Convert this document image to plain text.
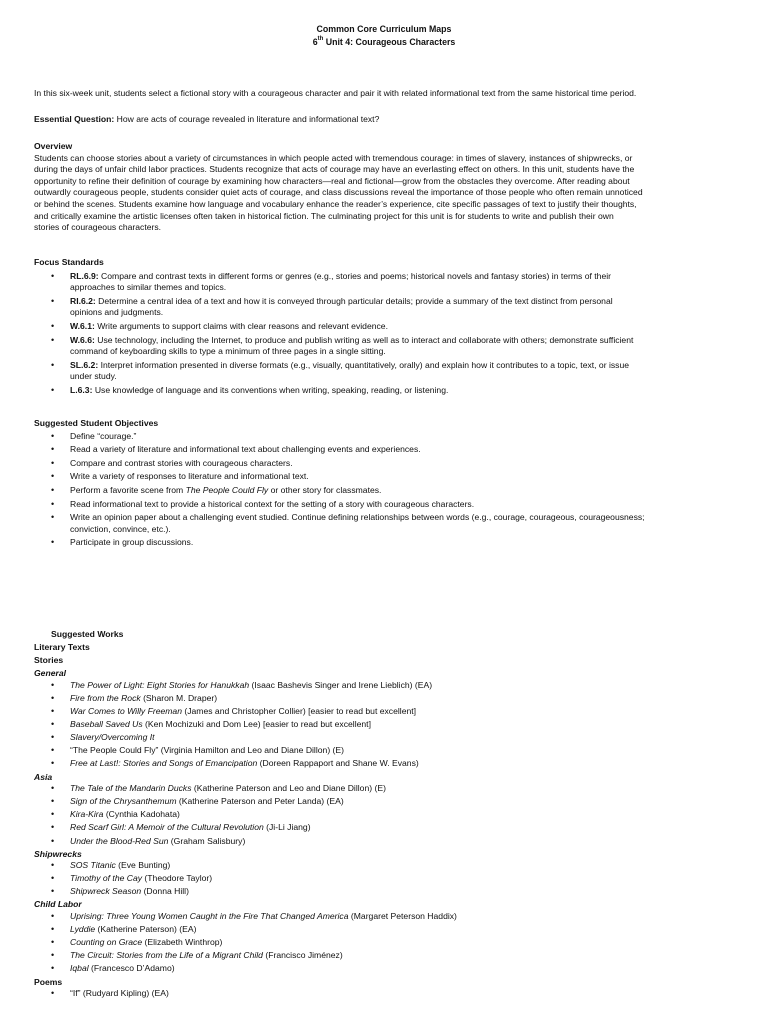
Common Core Curriculum Maps
6th Unit 4: Courageous Characters

In this six-week unit, students select a fictional story with a courageous character and pair it with related informational text from the same historical time period.

Essential Question: How are acts of courage revealed in literature and informational text?

Overview
Students can choose stories about a variety of circumstances in which people acted with tremendous courage: in times of slavery, instances of shipwrecks, or
during the days of unfair child labor practices. Students recognize that acts of courage may have an everlasting effect on others. In this unit, students have the
opportunity to refine their definition of courage by examining how characters—real and fictional—grow from the obstacles they overcome. After reading about
outwardly courageous people, students consider quiet acts of courage, and class discussions reveal the importance of those people who often remain unnoticed
or behind the scenes. Students examine how language and vocabulary enhance the reader’s experience, cite specific passages of text to justify their thoughts,
and critically examine the artistic licenses often taken in historical fiction. The culminating project for this unit is for students to write and publish their own
stories of courageous characters.
Focus Standards
• RL.6.9: Compare and contrast texts in different forms or genres (e.g., stories and poems; historical novels and fantasy stories) in terms of their
approaches to similar themes and topics.
• RI.6.2: Determine a central idea of a text and how it is conveyed through particular details; provide a summary of the text distinct from personal
opinions and judgments.
• W.6.1: Write arguments to support claims with clear reasons and relevant evidence.
• W.6.6: Use technology, including the Internet, to produce and publish writing as well as to interact and collaborate with others; demonstrate sufficient
command of keyboarding skills to type a minimum of three pages in a single sitting.
• SL.6.2: Interpret information presented in diverse formats (e.g., visually, quantitatively, orally) and explain how it contributes to a topic, text, or issue
under study.
• L.6.3: Use knowledge of language and its conventions when writing, speaking, reading, or listening.
Suggested Student Objectives
• Define “courage.”
• Read a variety of literature and informational text about challenging events and experiences.
• Compare and contrast stories with courageous characters.
• Write a variety of responses to literature and informational text.
• Perform a favorite scene from The People Could Fly or other story for classmates.
• Read informational text to provide a historical context for the setting of a story with courageous characters.
• Write an opinion paper about a challenging event studied. Continue defining relationships between words (e.g., courage, courageous, courageousness;
conviction, convince, etc.).
• Participate in group discussions.
Suggested Works
Literary Texts
Stories
General
• The Power of Light: Eight Stories for Hanukkah (Isaac Bashevis Singer and Irene Lieblich) (EA)
• Fire from the Rock (Sharon M. Draper)
• War Comes to Willy Freeman (James and Christopher Collier) [easier to read but excellent]
• Baseball Saved Us (Ken Mochizuki and Dom Lee) [easier to read but excellent]
• Slavery/Overcoming It
• “The People Could Fly” (Virginia Hamilton and Leo and Diane Dillon) (E)
• Free at Last!: Stories and Songs of Emancipation (Doreen Rappaport and Shane W. Evans)
Asia
• The Tale of the Mandarin Ducks (Katherine Paterson and Leo and Diane Dillon) (E)
• Sign of the Chrysanthemum (Katherine Paterson and Peter Landa) (EA)
• Kira-Kira (Cynthia Kadohata)
• Red Scarf Girl: A Memoir of the Cultural Revolution (Ji-Li Jiang)
• Under the Blood-Red Sun (Graham Salisbury)
Shipwrecks
• SOS Titanic (Eve Bunting)
• Timothy of the Cay (Theodore Taylor)
• Shipwreck Season (Donna Hill)
Child Labor
• Uprising: Three Young Women Caught in the Fire That Changed America (Margaret Peterson Haddix)
• Lyddie (Katherine Paterson) (EA)
• Counting on Grace (Elizabeth Winthrop)
• The Circuit: Stories from the Life of a Migrant Child (Francisco Jiménez)
• Iqbal (Francesco D’Adamo)
Poems
• “If” (Rudyard Kipling) (EA)
